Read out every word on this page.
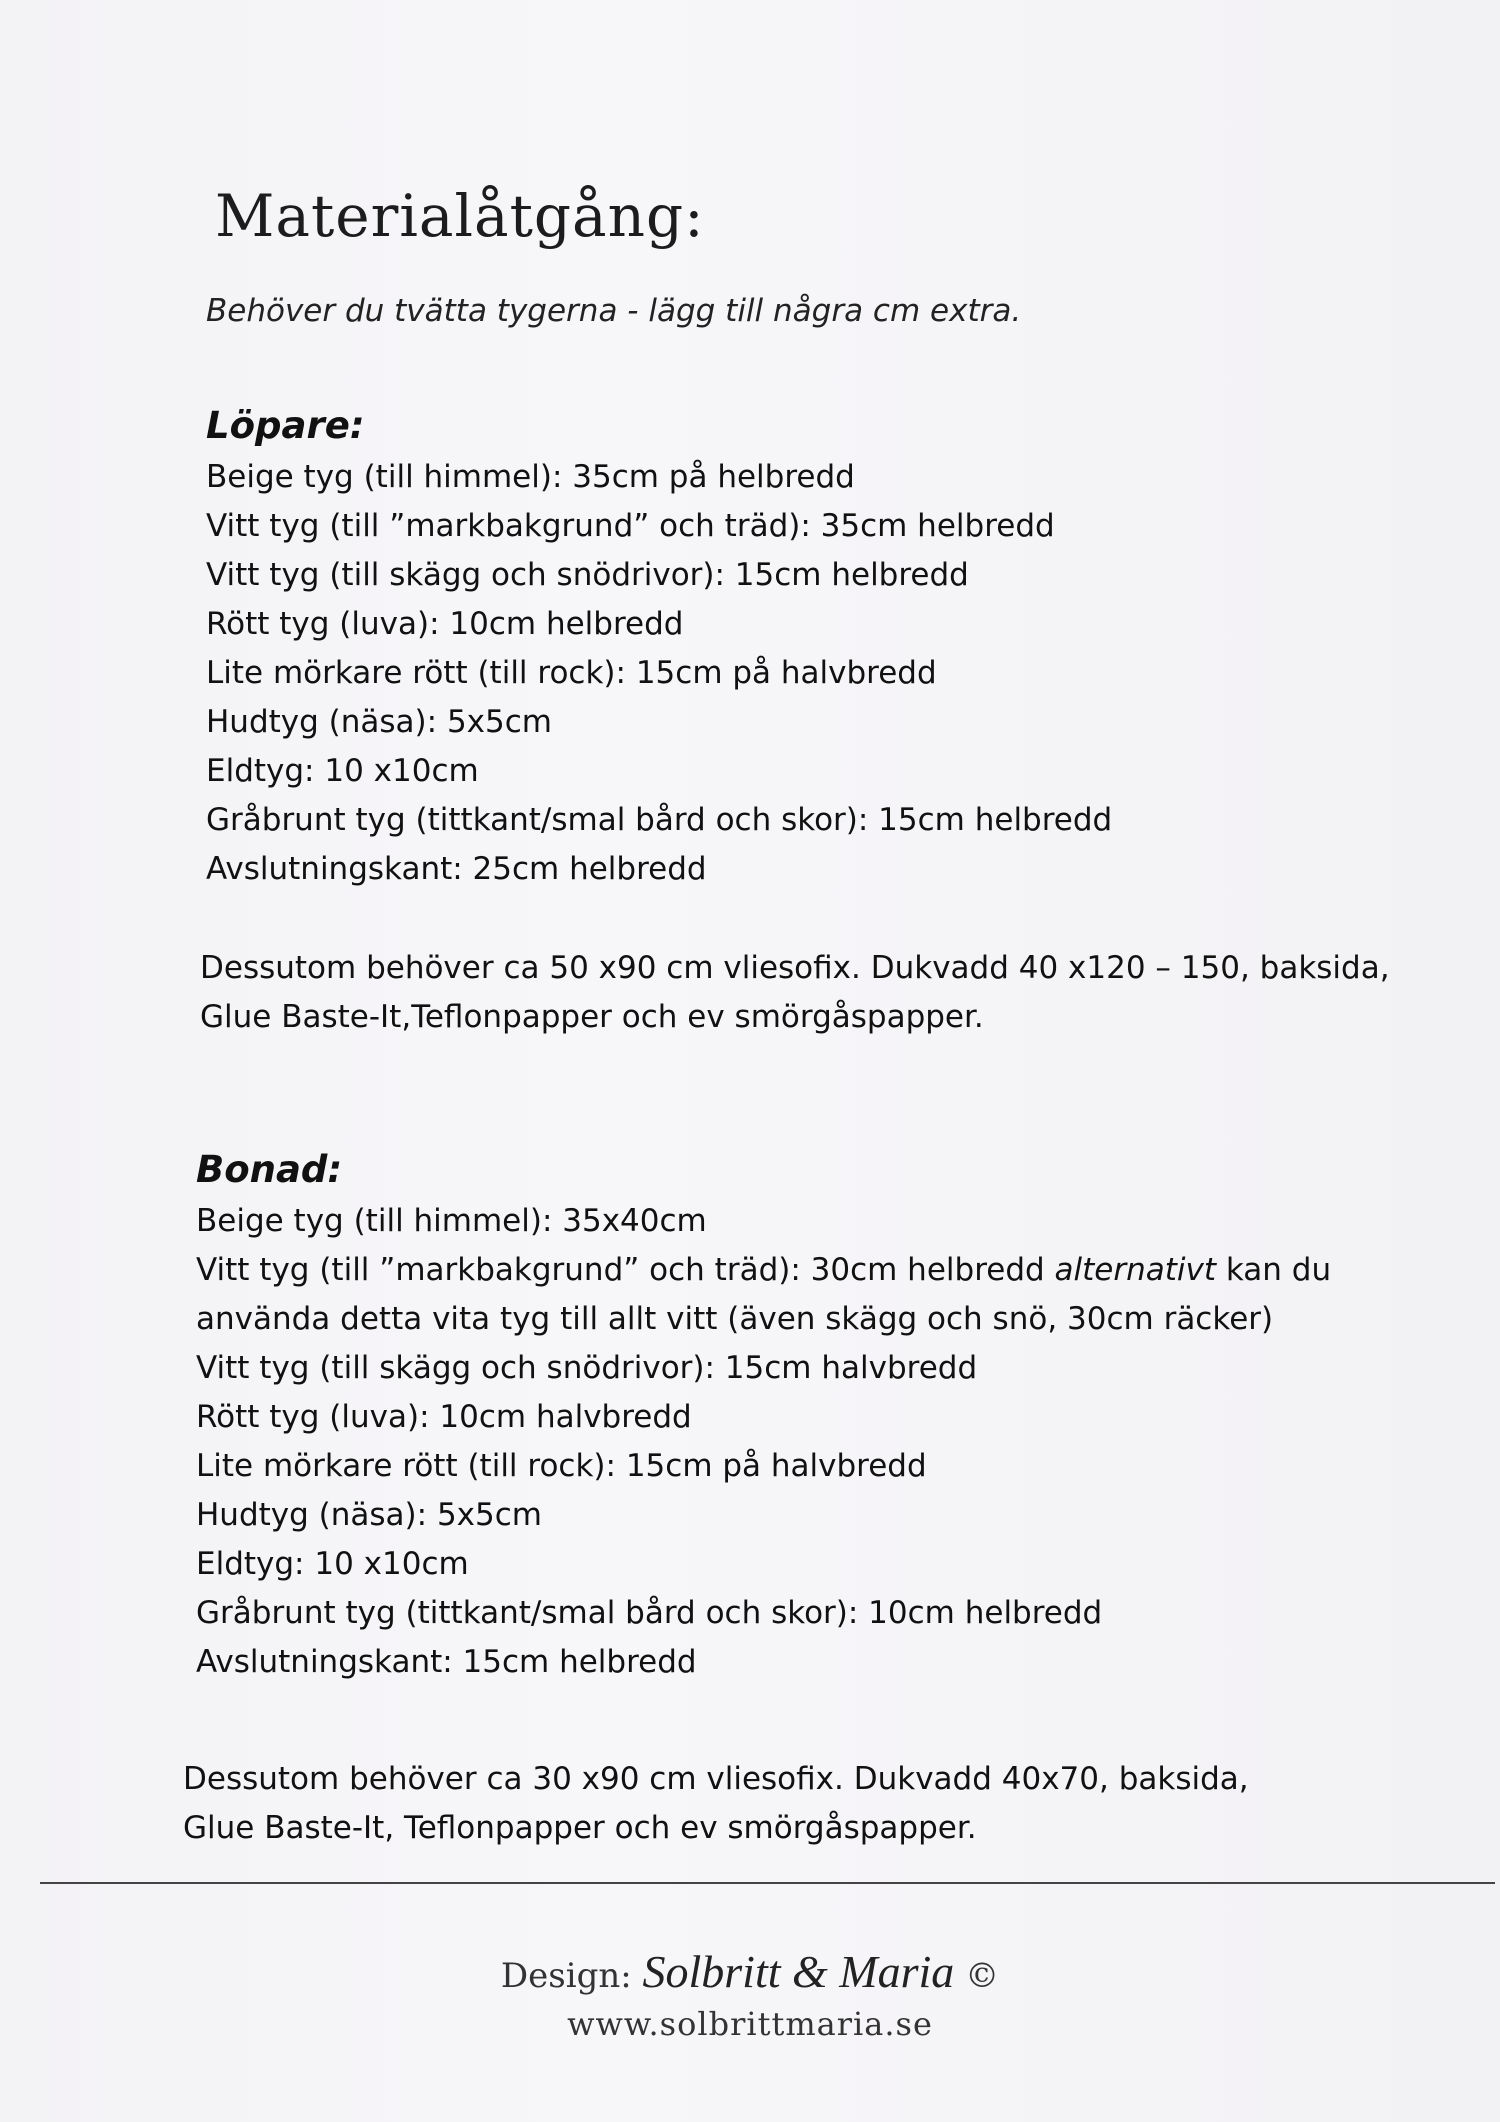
Materialåtgång:
Behöver du tvätta tygerna - lägg till några cm extra.
Löpare:
Beige tyg (till himmel): 35cm på helbredd
Vitt tyg (till ”markbakgrund” och träd): 35cm helbredd
Vitt tyg (till skägg och snödrivor): 15cm helbredd
Rött tyg (luva): 10cm helbredd
Lite mörkare rött (till rock): 15cm på halvbredd
Hudtyg (näsa): 5x5cm
Eldtyg: 10 x10cm
Gråbrunt tyg (tittkant/smal bård och skor): 15cm helbredd
Avslutningskant: 25cm helbredd
Dessutom behöver ca 50 x90 cm vliesofix. Dukvadd 40 x120 – 150, baksida,
Glue Baste-It,Teflonpapper och ev smörgåspapper.
Bonad:
Beige tyg (till himmel): 35x40cm
Vitt tyg (till ”markbakgrund” och träd): 30cm helbredd alternativt kan du
använda detta vita tyg till allt vitt (även skägg och snö, 30cm räcker)
Vitt tyg (till skägg och snödrivor): 15cm halvbredd
Rött tyg (luva): 10cm halvbredd
Lite mörkare rött (till rock): 15cm på halvbredd
Hudtyg (näsa): 5x5cm
Eldtyg: 10 x10cm
Gråbrunt tyg (tittkant/smal bård och skor): 10cm helbredd
Avslutningskant: 15cm helbredd
Dessutom behöver ca 30 x90 cm vliesofix. Dukvadd 40x70, baksida,
Glue Baste-It, Teflonpapper och ev smörgåspapper.
Design: Solbritt & Maria ©
www.solbrittmaria.se
